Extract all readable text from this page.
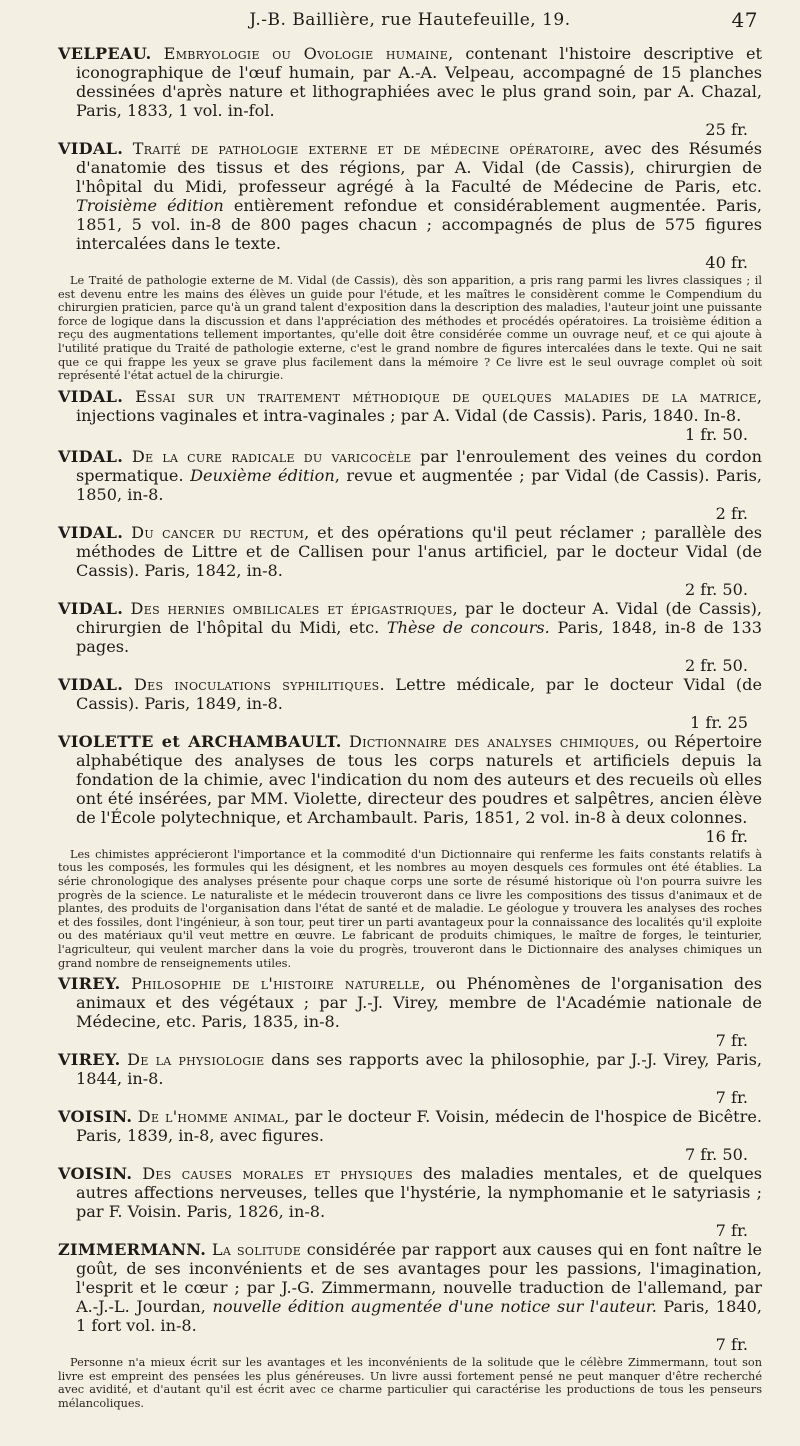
J.-B. Baillière, rue Hautefeuille, 19.	47
VELPEAU. Embryologie ou Ovologie humaine, contenant l'histoire descriptive et iconographique de l'œuf humain, par A.-A. Velpeau, accompagné de 15 planches dessinées d'après nature et lithographiées avec le plus grand soin, par A. Chazal, Paris, 1833, 1 vol. in-fol.
25 fr.
VIDAL. Traité de pathologie externe et de médecine opératoire, avec des Résumés d'anatomie des tissus et des régions, par A. Vidal (de Cassis), chirurgien de l'hôpital du Midi, professeur agrégé à la Faculté de Médecine de Paris, etc. Troisième édition entièrement refondue et considérablement augmentée. Paris, 1851, 5 vol. in-8 de 800 pages chacun ; accompagnés de plus de 575 figures intercalées dans le texte.
40 fr.
Le Traité de pathologie externe de M. Vidal (de Cassis), dès son apparition, a pris rang parmi les livres classiques ; il est devenu entre les mains des élèves un guide pour l'étude, et les maîtres le considèrent comme le Compendium du chirurgien praticien, parce qu'à un grand talent d'exposition dans la description des maladies, l'auteur joint une puissante force de logique dans la discussion et dans l'appréciation des méthodes et procédés opératoires. La troisième édition a reçu des augmentations tellement importantes, qu'elle doit être considérée comme un ouvrage neuf, et ce qui ajoute à l'utilité pratique du Traité de pathologie externe, c'est le grand nombre de figures intercalées dans le texte. Qui ne sait que ce qui frappe les yeux se grave plus facilement dans la mémoire ? Ce livre est le seul ouvrage complet où soit représenté l'état actuel de la chirurgie.
VIDAL. Essai sur un traitement méthodique de quelques maladies de la matrice, injections vaginales et intra-vaginales ; par A. Vidal (de Cassis). Paris, 1840. In-8.
1 fr. 50.
VIDAL. De la cure radicale du varicocèle par l'enroulement des veines du cordon spermatique. Deuxième édition, revue et augmentée ; par Vidal (de Cassis). Paris, 1850, in-8.
2 fr.
VIDAL. Du cancer du rectum, et des opérations qu'il peut réclamer ; parallèle des méthodes de Littre et de Callisen pour l'anus artificiel, par le docteur Vidal (de Cassis). Paris, 1842, in-8.
2 fr. 50.
VIDAL. Des hernies ombilicales et épigastriques, par le docteur A. Vidal (de Cassis), chirurgien de l'hôpital du Midi, etc. Thèse de concours. Paris, 1848, in-8 de 133 pages.
2 fr. 50.
VIDAL. Des inoculations syphilitiques. Lettre médicale, par le docteur Vidal (de Cassis). Paris, 1849, in-8.
1 fr. 25
VIOLETTE et ARCHAMBAULT. Dictionnaire des analyses chimiques, ou Répertoire alphabétique des analyses de tous les corps naturels et artificiels depuis la fondation de la chimie, avec l'indication du nom des auteurs et des recueils où elles ont été insérées, par MM. Violette, directeur des poudres et salpêtres, ancien élève de l'École polytechnique, et Archambault. Paris, 1851, 2 vol. in-8 à deux colonnes.
16 fr.
Les chimistes apprécieront l'importance et la commodité d'un Dictionnaire qui renferme les faits constants relatifs à tous les composés, les formules qui les désignent, et les nombres au moyen desquels ces formules ont été établies. La série chronologique des analyses présente pour chaque corps une sorte de résumé historique où l'on pourra suivre les progrès de la science. Le naturaliste et le médecin trouveront dans ce livre les compositions des tissus d'animaux et de plantes, des produits de l'organisation dans l'état de santé et de maladie. Le géologue y trouvera les analyses des roches et des fossiles, dont l'ingénieur, à son tour, peut tirer un parti avantageux pour la connaissance des localités qu'il exploite ou des matériaux qu'il veut mettre en œuvre. Le fabricant de produits chimiques, le maître de forges, le teinturier, l'agriculteur, qui veulent marcher dans la voie du progrès, trouveront dans le Dictionnaire des analyses chimiques un grand nombre de renseignements utiles.
VIREY. Philosophie de l'histoire naturelle, ou Phénomènes de l'organisation des animaux et des végétaux ; par J.-J. Virey, membre de l'Académie nationale de Médecine, etc. Paris, 1835, in-8.
7 fr.
VIREY. De la physiologie dans ses rapports avec la philosophie, par J.-J. Virey, Paris, 1844, in-8.
7 fr.
VOISIN. De l'homme animal, par le docteur F. Voisin, médecin de l'hospice de Bicêtre. Paris, 1839, in-8, avec figures.
7 fr. 50.
VOISIN. Des causes morales et physiques des maladies mentales, et de quelques autres affections nerveuses, telles que l'hystérie, la nymphomanie et le satyriasis ; par F. Voisin. Paris, 1826, in-8.
7 fr.
ZIMMERMANN. La solitude considérée par rapport aux causes qui en font naître le goût, de ses inconvénients et de ses avantages pour les passions, l'imagination, l'esprit et le cœur ; par J.-G. Zimmermann, nouvelle traduction de l'allemand, par A.-J.-L. Jourdan, nouvelle édition augmentée d'une notice sur l'auteur. Paris, 1840, 1 fort vol. in-8.
7 fr.
Personne n'a mieux écrit sur les avantages et les inconvénients de la solitude que le célèbre Zimmermann, tout son livre est empreint des pensées les plus généreuses. Un livre aussi fortement pensé ne peut manquer d'être recherché avec avidité, et d'autant qu'il est écrit avec ce charme particulier qui caractérise les productions de tous les penseurs mélancoliques.
